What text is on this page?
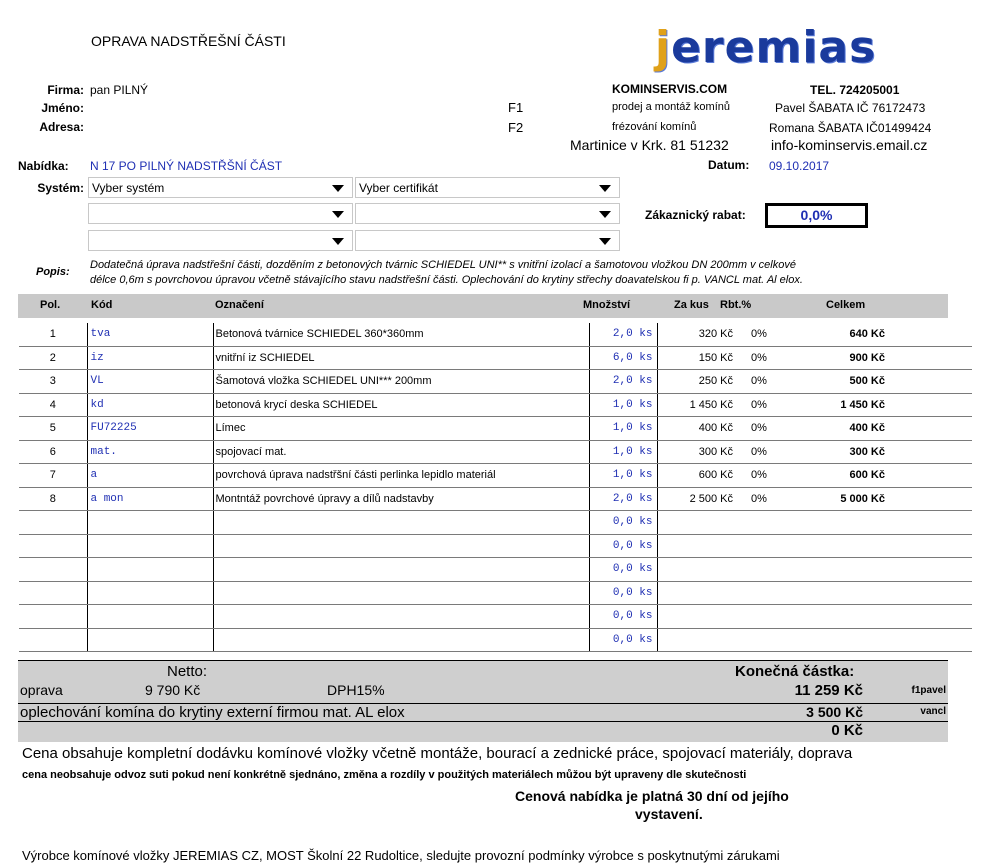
OPRAVA NADSTŘEŠNÍ ČÁSTI	jeremias
Firma: pan PILNÝ
Jméno:
Adresa:
F1
F2
KOMINSERVIS.COM
prodej a montáž komínů
frézování komínů
Martinice v Krk. 81 51232
TEL. 724205001
Pavel ŠABATA IČ 76172473
Romana ŠABATA IČ01499424
info-kominservis.email.cz
Nabídka: N 17 PO PILNÝ NADSTŘŠNÍ ČÁST	Datum: 09.10.2017
Systém: Vyber systém	Vyber certifikát
Zákaznický rabat:	0,0%
Popis:
Dodatečná úprava nadstřešní části, dozděním z betonových tvárnic SCHIEDEL UNI** s vnitřní izolací a šamotovou vložkou DN 200mm v celkové
délce 0,6m s povrchovou úpravou včetně stávajícího stavu nadstřešní části. Oplechování do krytiny střechy doavatelskou fi p. VANCL mat. Al elox.
Pol.	Kód	Označení	Množství	Za kus Rbt.%	Celkem
1	tva	Betonová tvárnice SCHIEDEL 360*360mm	2,0 ks	320 Kč	0%	640 Kč	
2	iz	vnitřní iz SCHIEDEL	6,0 ks	150 Kč	0%	900 Kč	
3	VL	Šamotová vložka SCHIEDEL UNI*** 200mm	2,0 ks	250 Kč	0%	500 Kč	
4	kd	betonová krycí deska SCHIEDEL	1,0 ks	1 450 Kč	0%	1 450 Kč	
5	FU72225	Límec	1,0 ks	400 Kč	0%	400 Kč	
6	mat.	spojovací mat.	1,0 ks	300 Kč	0%	300 Kč	
7	a	povrchová úprava nadstřšní části perlinka lepidlo materiál	1,0 ks	600 Kč	0%	600 Kč	
8	a mon	Montntáž povrchové úpravy a dílů nadstavby	2,0 ks	2 500 Kč	0%	5 000 Kč	
			0,0 ks				
			0,0 ks				
			0,0 ks				
			0,0 ks				
			0,0 ks				
			0,0 ks				
Netto:	Konečná částka:
oprava	9 790 Kč	DPH15%	11 259 Kč	f1pavel
oplechování komína do krytiny externí firmou mat. AL elox	3 500 Kč	vancl
0 Kč
Cena obsahuje kompletní dodávku komínové vložky včetně montáže, bourací a zednické práce, spojovací materiály, doprava
cena neobsahuje odvoz suti pokud není konkrétně sjednáno, změna a rozdíly v použitých materiálech můžou být upraveny dle skutečnosti
Cenová nabídka je platná 30 dní od jejího
vystavení.
Výrobce komínové vložky JEREMIAS CZ, MOST Školní 22 Rudoltice, sledujte provozní podmínky výrobce s poskytnutými zárukami
